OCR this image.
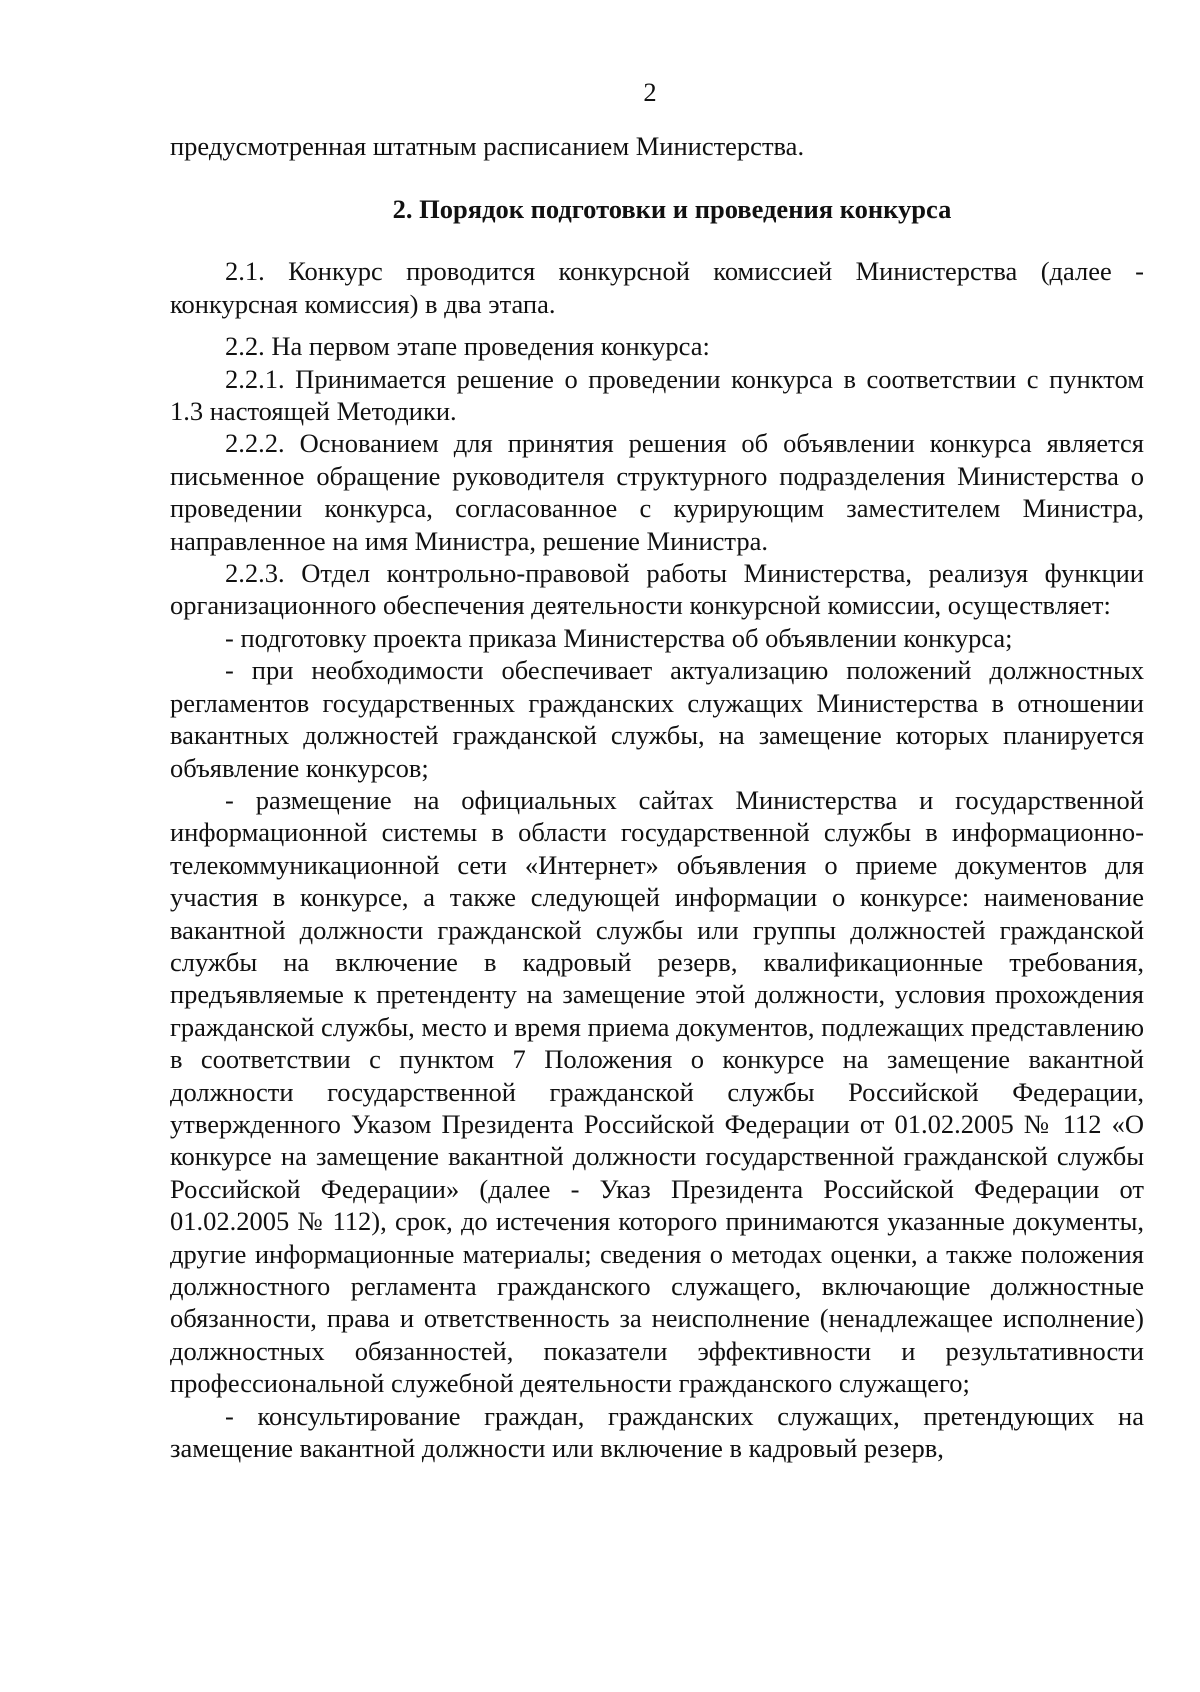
2

предусмотренная штатным расписанием Министерства.

2. Порядок подготовки и проведения конкурса

2.1. Конкурс проводится конкурсной комиссией Министерства (далее - конкурсная комиссия) в два этапа.

2.2. На первом этапе проведения конкурса:

2.2.1. Принимается решение о проведении конкурса в соответствии с пунктом 1.3 настоящей Методики.

2.2.2. Основанием для принятия решения об объявлении конкурса является письменное обращение руководителя структурного подразделения Министерства о проведении конкурса, согласованное с курирующим заместителем Министра, направленное на имя Министра, решение Министра.

2.2.3. Отдел контрольно-правовой работы Министерства, реализуя функции организационного обеспечения деятельности конкурсной комиссии, осуществляет:

- подготовку проекта приказа Министерства об объявлении конкурса;

- при необходимости обеспечивает актуализацию положений должностных регламентов государственных гражданских служащих Министерства в отношении вакантных должностей гражданской службы, на замещение которых планируется объявление конкурсов;

- размещение на официальных сайтах Министерства и государственной информационной системы в области государственной службы в информационно-телекоммуникационной сети «Интернет» объявления о приеме документов для участия в конкурсе, а также следующей информации о конкурсе: наименование вакантной должности гражданской службы или группы должностей гражданской службы на включение в кадровый резерв, квалификационные требования, предъявляемые к претенденту на замещение этой должности, условия прохождения гражданской службы, место и время приема документов, подлежащих представлению в соответствии с пунктом 7 Положения о конкурсе на замещение вакантной должности государственной гражданской службы Российской Федерации, утвержденного Указом Президента Российской Федерации от 01.02.2005 № 112 «О конкурсе на замещение вакантной должности государственной гражданской службы Российской Федерации» (далее - Указ Президента Российской Федерации от 01.02.2005 № 112), срок, до истечения которого принимаются указанные документы, другие информационные материалы; сведения о методах оценки, а также положения должностного регламента гражданского служащего, включающие должностные обязанности, права и ответственность за неисполнение (ненадлежащее исполнение) должностных обязанностей, показатели эффективности и результативности профессиональной служебной деятельности гражданского служащего;

- консультирование граждан, гражданских служащих, претендующих на замещение вакантной должности или включение в кадровый резерв,
